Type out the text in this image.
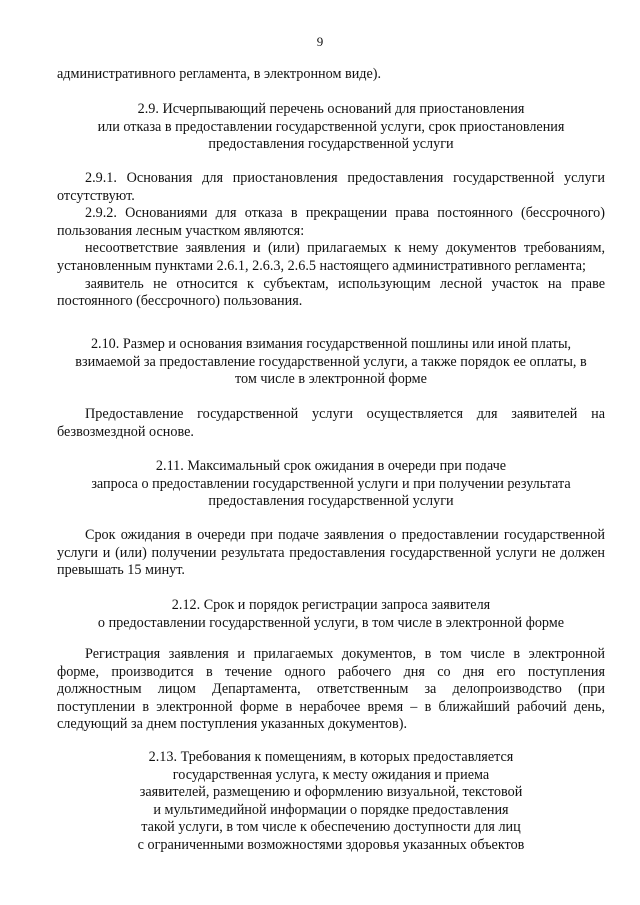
9

административного регламента, в электронном виде).

2.9. Исчерпывающий перечень оснований для приостановления
или отказа в предоставлении государственной услуги, срок приостановления
предоставления государственной услуги

2.9.1. Основания для приостановления предоставления государственной услуги отсутствуют.

2.9.2. Основаниями для отказа в прекращении права постоянного (бессрочного) пользования лесным участком являются:

несоответствие заявления и (или) прилагаемых к нему документов требованиям, установленным пунктами 2.6.1, 2.6.3, 2.6.5 настоящего административного регламента;

заявитель не относится к субъектам, использующим лесной участок на праве постоянного (бессрочного) пользования.

2.10. Размер и основания взимания государственной пошлины или иной платы,
взимаемой за предоставление государственной услуги, а также порядок ее оплаты, в
том числе в электронной форме

Предоставление государственной услуги осуществляется для заявителей на безвозмездной основе.

2.11. Максимальный срок ожидания в очереди при подаче
запроса о предоставлении государственной услуги и при получении результата
предоставления государственной услуги

Срок ожидания в очереди при подаче заявления о предоставлении государственной услуги и (или) получении результата предоставления государственной услуги не должен превышать 15 минут.

2.12. Срок и порядок регистрации запроса заявителя
о предоставлении государственной услуги, в том числе в электронной форме

Регистрация заявления и прилагаемых документов, в том числе в электронной форме, производится в течение одного рабочего дня со дня его поступления должностным лицом Департамента, ответственным за делопроизводство (при поступлении в электронной форме в нерабочее время – в ближайший рабочий день, следующий за днем поступления указанных документов).

2.13. Требования к помещениям, в которых предоставляется
государственная услуга, к месту ожидания и приема
заявителей, размещению и оформлению визуальной, текстовой
и мультимедийной информации о порядке предоставления
такой услуги, в том числе к обеспечению доступности для лиц
с ограниченными возможностями здоровья указанных объектов
